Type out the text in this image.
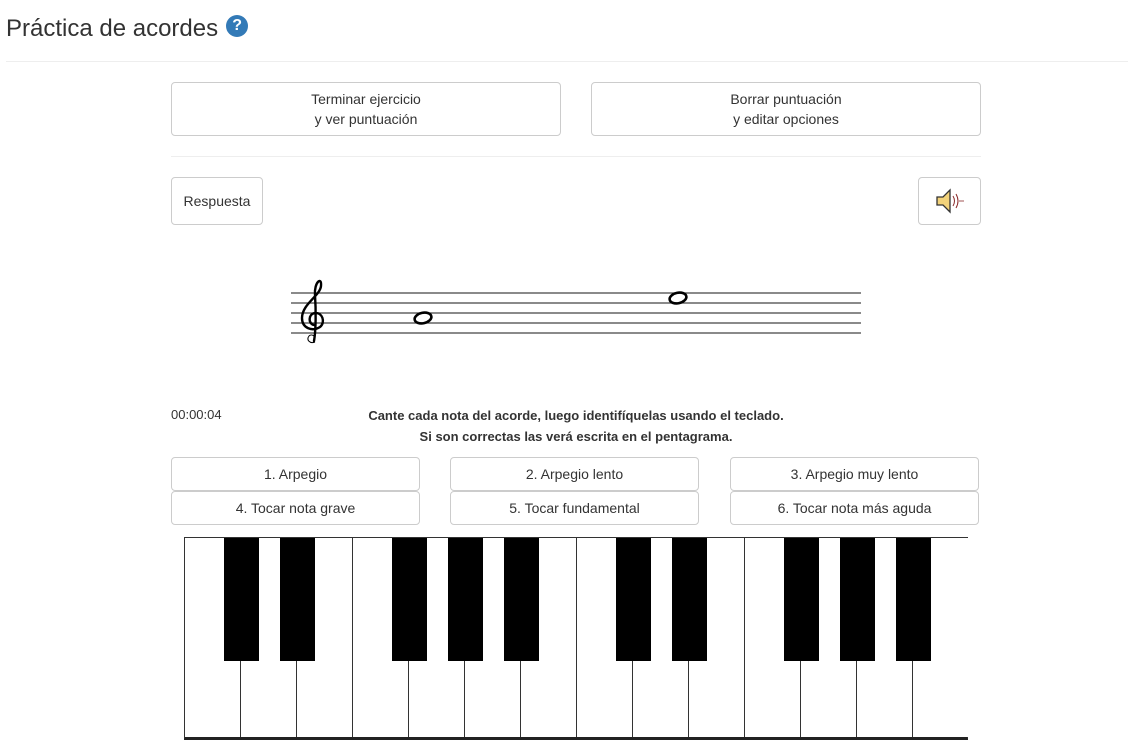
Práctica de acordes ?
Terminar ejercicio
y ver puntuación
Borrar puntuación
y editar opciones
Respuesta
00:00:04	Cante cada nota del acorde, luego identifíquelas usando el teclado.
Si son correctas las verá escrita en el pentagrama.
1. Arpegio	2. Arpegio lento	3. Arpegio muy lento
4. Tocar nota grave	5. Tocar fundamental	6. Tocar nota más aguda
